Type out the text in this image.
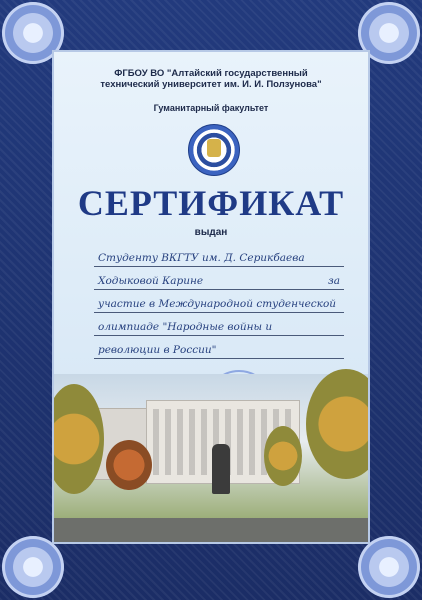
ФГБОУ ВО "Алтайский государственный
технический университет им. И. И. Ползунова"
Гуманитарный факультет
СЕРТИФИКАТ
выдан
Студенту ВКГТУ им. Д. Серикбаева
Ходыковой Карине	за
участие в Международной студенческой
олимпиаде "Народные войны и
революции в России"
